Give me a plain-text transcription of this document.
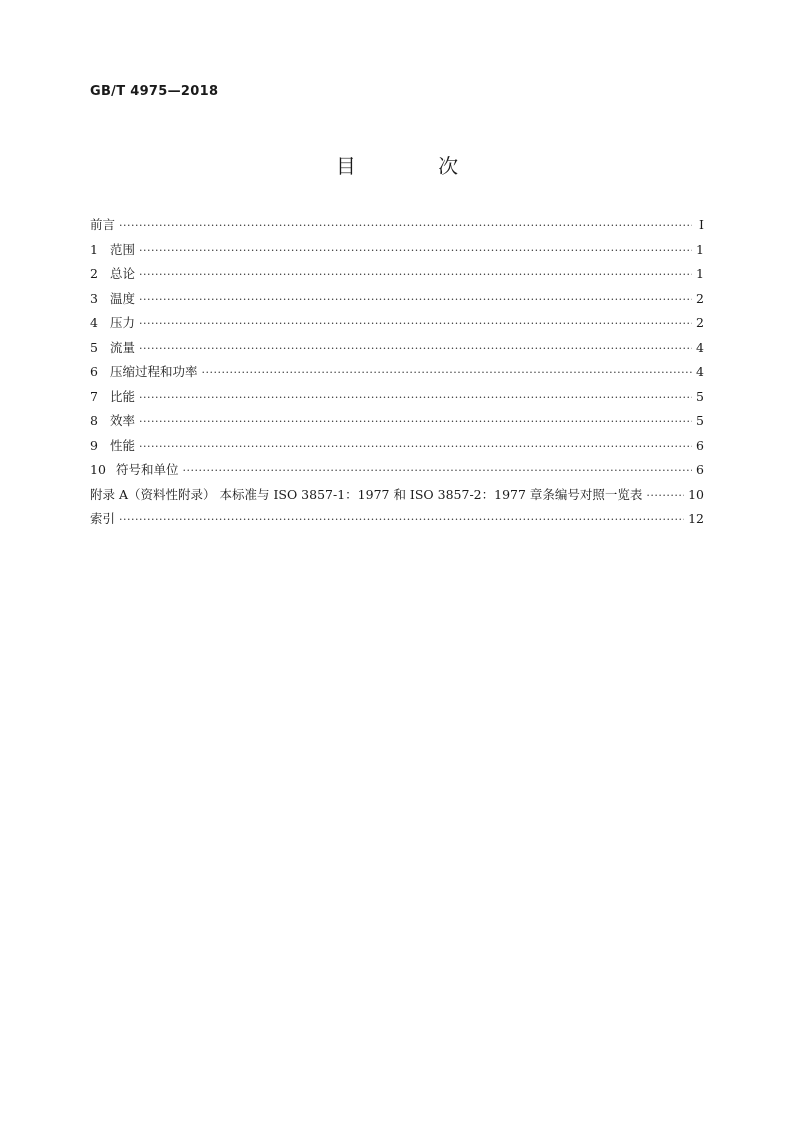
GB/T 4975—2018
目 次
前言 ·····	Ⅰ
1 范围 ·····	1
2 总论 ·····	1
3 温度 ·····	2
4 压力 ·····	2
5 流量 ·····	4
6 压缩过程和功率 ·····	4
7 比能 ·····	5
8 效率 ·····	5
9 性能 ·····	6
10 符号和单位 ·····	6
附录 A（资料性附录） 本标准与 ISO 3857-1：1977 和 ISO 3857-2：1977 章条编号对照一览表 ·····	10
索引 ·····	12
